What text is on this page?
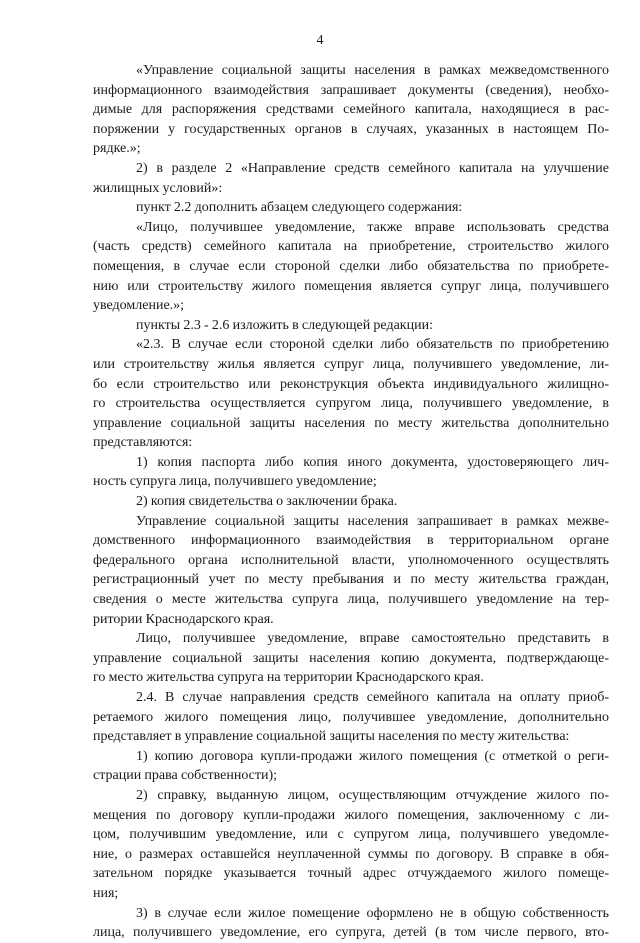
4
«Управление социальной защиты населения в рамках межведомственного
информационного взаимодействия запрашивает документы (сведения), необхо-
димые для распоряжения средствами семейного капитала, находящиеся в рас-
поряжении у государственных органов в случаях, указанных в настоящем По-
рядке.»;
2) в разделе 2 «Направление средств семейного капитала на улучшение
жилищных условий»:
пункт 2.2 дополнить абзацем следующего содержания:
«Лицо, получившее уведомление, также вправе использовать средства
(часть средств) семейного капитала на приобретение, строительство жилого
помещения, в случае если стороной сделки либо обязательства по приобрете-
нию или строительству жилого помещения является супруг лица, получившего
уведомление.»;
пункты 2.3 - 2.6 изложить в следующей редакции:
«2.3. В случае если стороной сделки либо обязательств по приобретению
или строительству жилья является супруг лица, получившего уведомление, ли-
бо если строительство или реконструкция объекта индивидуального жилищно-
го строительства осуществляется супругом лица, получившего уведомление, в
управление социальной защиты населения по месту жительства дополнительно
представляются:
1) копия паспорта либо копия иного документа, удостоверяющего лич-
ность супруга лица, получившего уведомление;
2) копия свидетельства о заключении брака.
Управление социальной защиты населения запрашивает в рамках межве-
домственного информационного взаимодействия в территориальном органе
федерального органа исполнительной власти, уполномоченного осуществлять
регистрационный учет по месту пребывания и по месту жительства граждан,
сведения о месте жительства супруга лица, получившего уведомление на тер-
ритории Краснодарского края.
Лицо, получившее уведомление, вправе самостоятельно представить в
управление социальной защиты населения копию документа, подтверждающе-
го место жительства супруга на территории Краснодарского края.
2.4. В случае направления средств семейного капитала на оплату приоб-
ретаемого жилого помещения лицо, получившее уведомление, дополнительно
представляет в управление социальной защиты населения по месту жительства:
1) копию договора купли-продажи жилого помещения (с отметкой о реги-
страции права собственности);
2) справку, выданную лицом, осуществляющим отчуждение жилого по-
мещения по договору купли-продажи жилого помещения, заключенному с ли-
цом, получившим уведомление, или с супругом лица, получившего уведомле-
ние, о размерах оставшейся неуплаченной суммы по договору. В справке в обя-
зательном порядке указывается точный адрес отчуждаемого жилого помеще-
ния;
3) в случае если жилое помещение оформлено не в общую собственность
лица, получившего уведомление, его супруга, детей (в том числе первого, вто-
